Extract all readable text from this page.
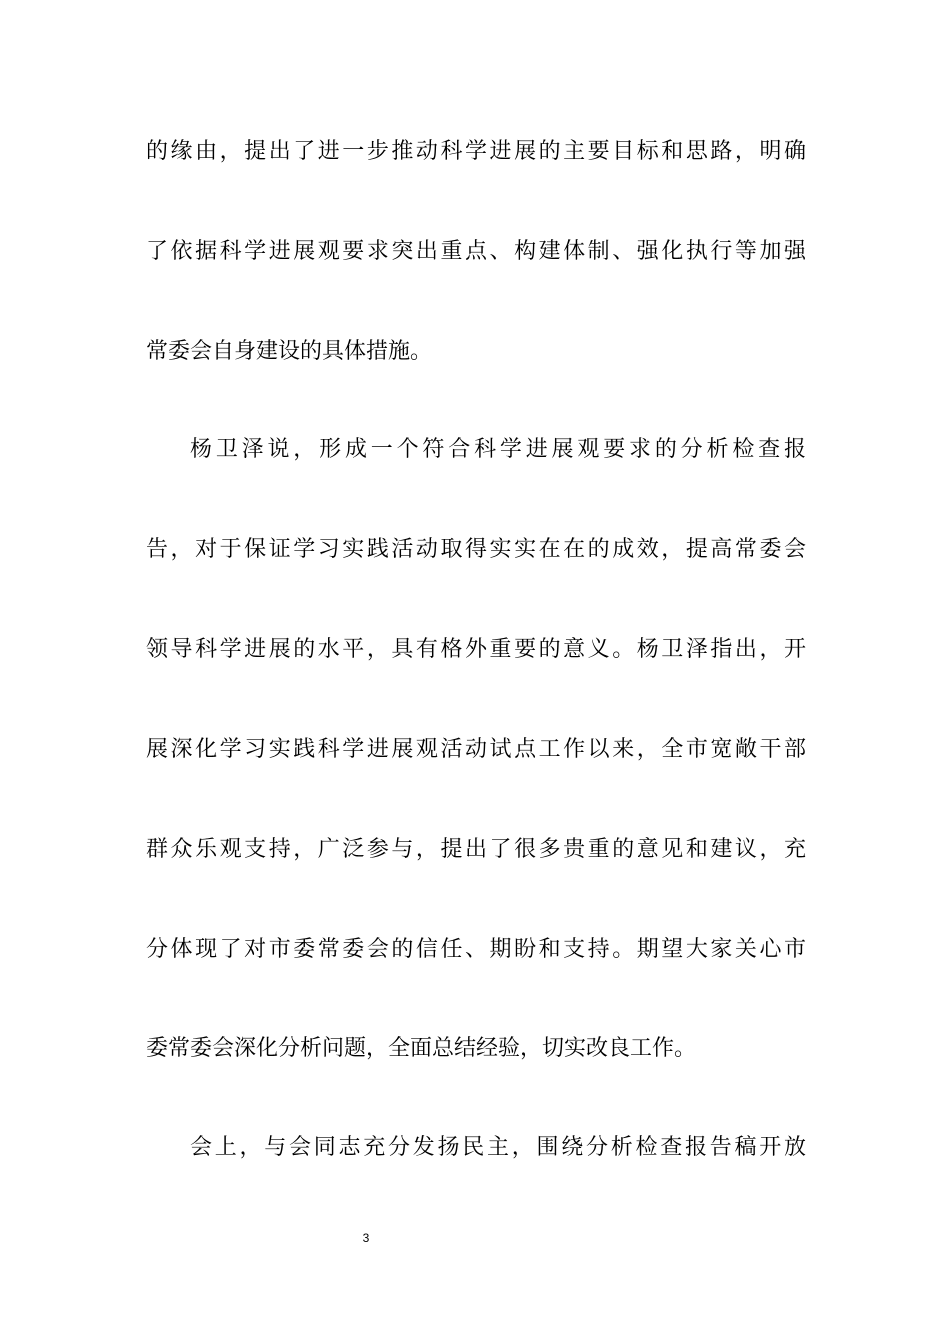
的缘由，提出了进一步推动科学进展的主要目标和思路，明确
了依据科学进展观要求突出重点、构建体制、强化执行等加强
常委会自身建设的具体措施。
杨卫泽说，形成一个符合科学进展观要求的分析检查报
告，对于保证学习实践活动取得实实在在的成效，提高常委会
领导科学进展的水平，具有格外重要的意义。杨卫泽指出，开
展深化学习实践科学进展观活动试点工作以来，全市宽敞干部
群众乐观支持，广泛参与，提出了很多贵重的意见和建议，充
分体现了对市委常委会的信任、期盼和支持。期望大家关心市
委常委会深化分析问题，全面总结经验，切实改良工作。
会上，与会同志充分发扬民主，围绕分析检查报告稿开放
3
